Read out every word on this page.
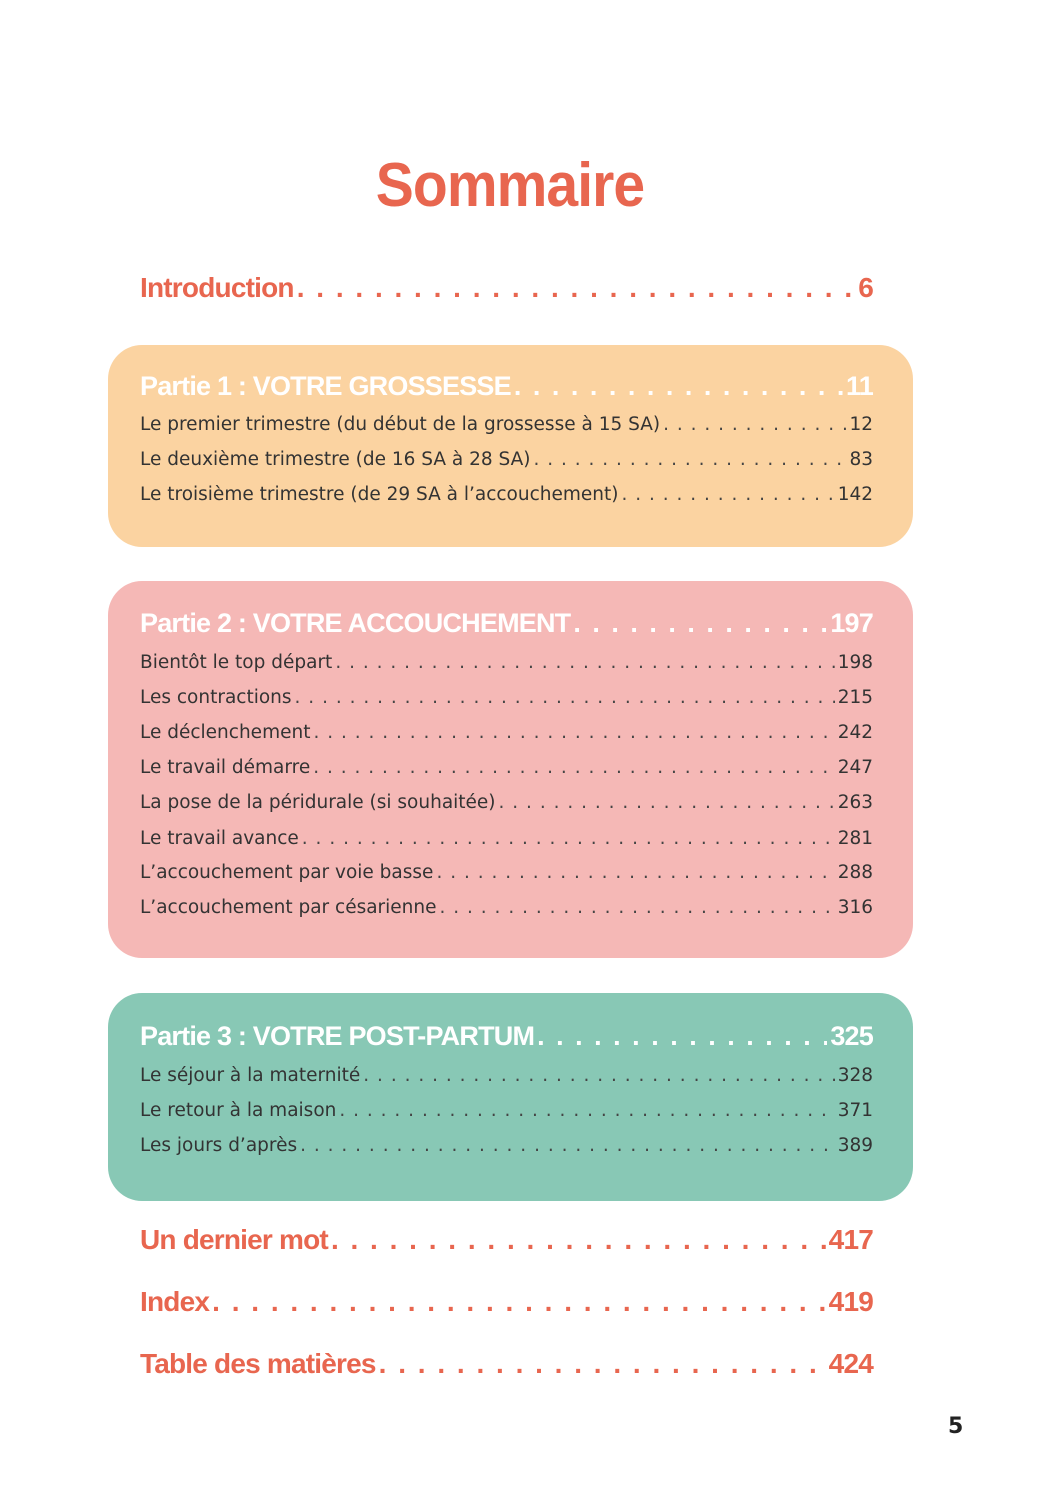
Sommaire
Introduction . . .	6
Partie 1 : VOTRE GROSSESSE . . .	11
Le premier trimestre (du début de la grossesse à 15 SA) . . .	12
Le deuxième trimestre (de 16 SA à 28 SA) . . .	83
Le troisième trimestre (de 29 SA à l’accouchement) . . .	142
Partie 2 : VOTRE ACCOUCHEMENT . . .	197
Bientôt le top départ . . .	198
Les contractions . . .	215
Le déclenchement . . .	242
Le travail démarre . . .	247
La pose de la péridurale (si souhaitée) . . .	263
Le travail avance . . .	281
L’accouchement par voie basse . . .	288
L’accouchement par césarienne . . .	316
Partie 3 : VOTRE POST-PARTUM . . .	325
Le séjour à la maternité . . .	328
Le retour à la maison . . .	371
Les jours d’après . . .	389
Un dernier mot . . .	417
Index . . .	419
Table des matières . . .	424
5
